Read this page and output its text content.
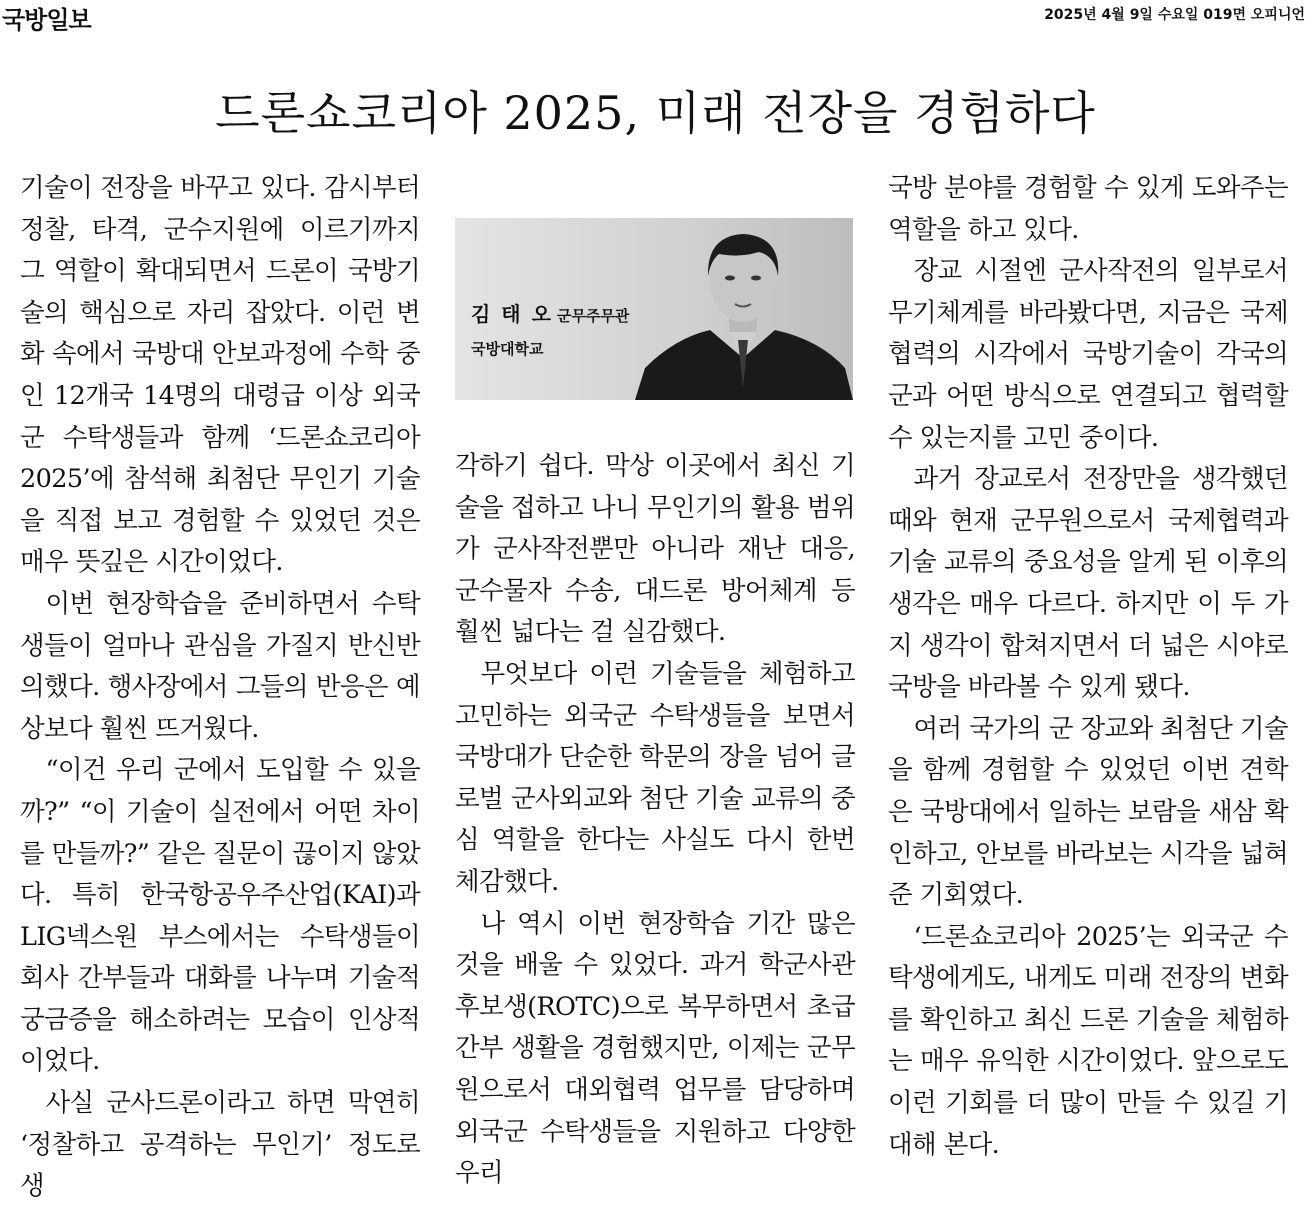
국방일보	2025년 4월 9일 수요일 019면 오피니언
드론쇼코리아 2025, 미래 전장을 경험하다
김 태 오 군무주무관
국방대학교

기술이 전장을 바꾸고 있다. 감시부터 정찰, 타격, 군수지원에 이르기까지 그 역할이 확대되면서 드론이 국방기술의 핵심으로 자리 잡았다. 이런 변화 속에서 국방대 안보과정에 수학 중인 12개국 14명의 대령급 이상 외국군 수탁생들과 함께 ‘드론쇼코리아 2025’에 참석해 최첨단 무인기 기술을 직접 보고 경험할 수 있었던 것은 매우 뜻깊은 시간이었다.

이번 현장학습을 준비하면서 수탁생들이 얼마나 관심을 가질지 반신반의했다. 행사장에서 그들의 반응은 예상보다 훨씬 뜨거웠다.

“이건 우리 군에서 도입할 수 있을까?” “이 기술이 실전에서 어떤 차이를 만들까?” 같은 질문이 끊이지 않았다. 특히 한국항공우주산업(KAI)과 LIG넥스원 부스에서는 수탁생들이 회사 간부들과 대화를 나누며 기술적 궁금증을 해소하려는 모습이 인상적이었다.

사실 군사드론이라고 하면 막연히 ‘정찰하고 공격하는 무인기’ 정도로 생

각하기 쉽다. 막상 이곳에서 최신 기술을 접하고 나니 무인기의 활용 범위가 군사작전뿐만 아니라 재난 대응, 군수물자 수송, 대드론 방어체계 등 훨씬 넓다는 걸 실감했다.

무엇보다 이런 기술들을 체험하고 고민하는 외국군 수탁생들을 보면서 국방대가 단순한 학문의 장을 넘어 글로벌 군사외교와 첨단 기술 교류의 중심 역할을 한다는 사실도 다시 한번 체감했다.

나 역시 이번 현장학습 기간 많은 것을 배울 수 있었다. 과거 학군사관후보생(ROTC)으로 복무하면서 초급간부 생활을 경험했지만, 이제는 군무원으로서 대외협력 업무를 담당하며 외국군 수탁생들을 지원하고 다양한 우리

국방 분야를 경험할 수 있게 도와주는 역할을 하고 있다.

장교 시절엔 군사작전의 일부로서 무기체계를 바라봤다면, 지금은 국제협력의 시각에서 국방기술이 각국의 군과 어떤 방식으로 연결되고 협력할 수 있는지를 고민 중이다.

과거 장교로서 전장만을 생각했던 때와 현재 군무원으로서 국제협력과 기술 교류의 중요성을 알게 된 이후의 생각은 매우 다르다. 하지만 이 두 가지 생각이 합쳐지면서 더 넓은 시야로 국방을 바라볼 수 있게 됐다.

여러 국가의 군 장교와 최첨단 기술을 함께 경험할 수 있었던 이번 견학은 국방대에서 일하는 보람을 새삼 확인하고, 안보를 바라보는 시각을 넓혀 준 기회였다.

‘드론쇼코리아 2025’는 외국군 수탁생에게도, 내게도 미래 전장의 변화를 확인하고 최신 드론 기술을 체험하는 매우 유익한 시간이었다. 앞으로도 이런 기회를 더 많이 만들 수 있길 기대해 본다.
